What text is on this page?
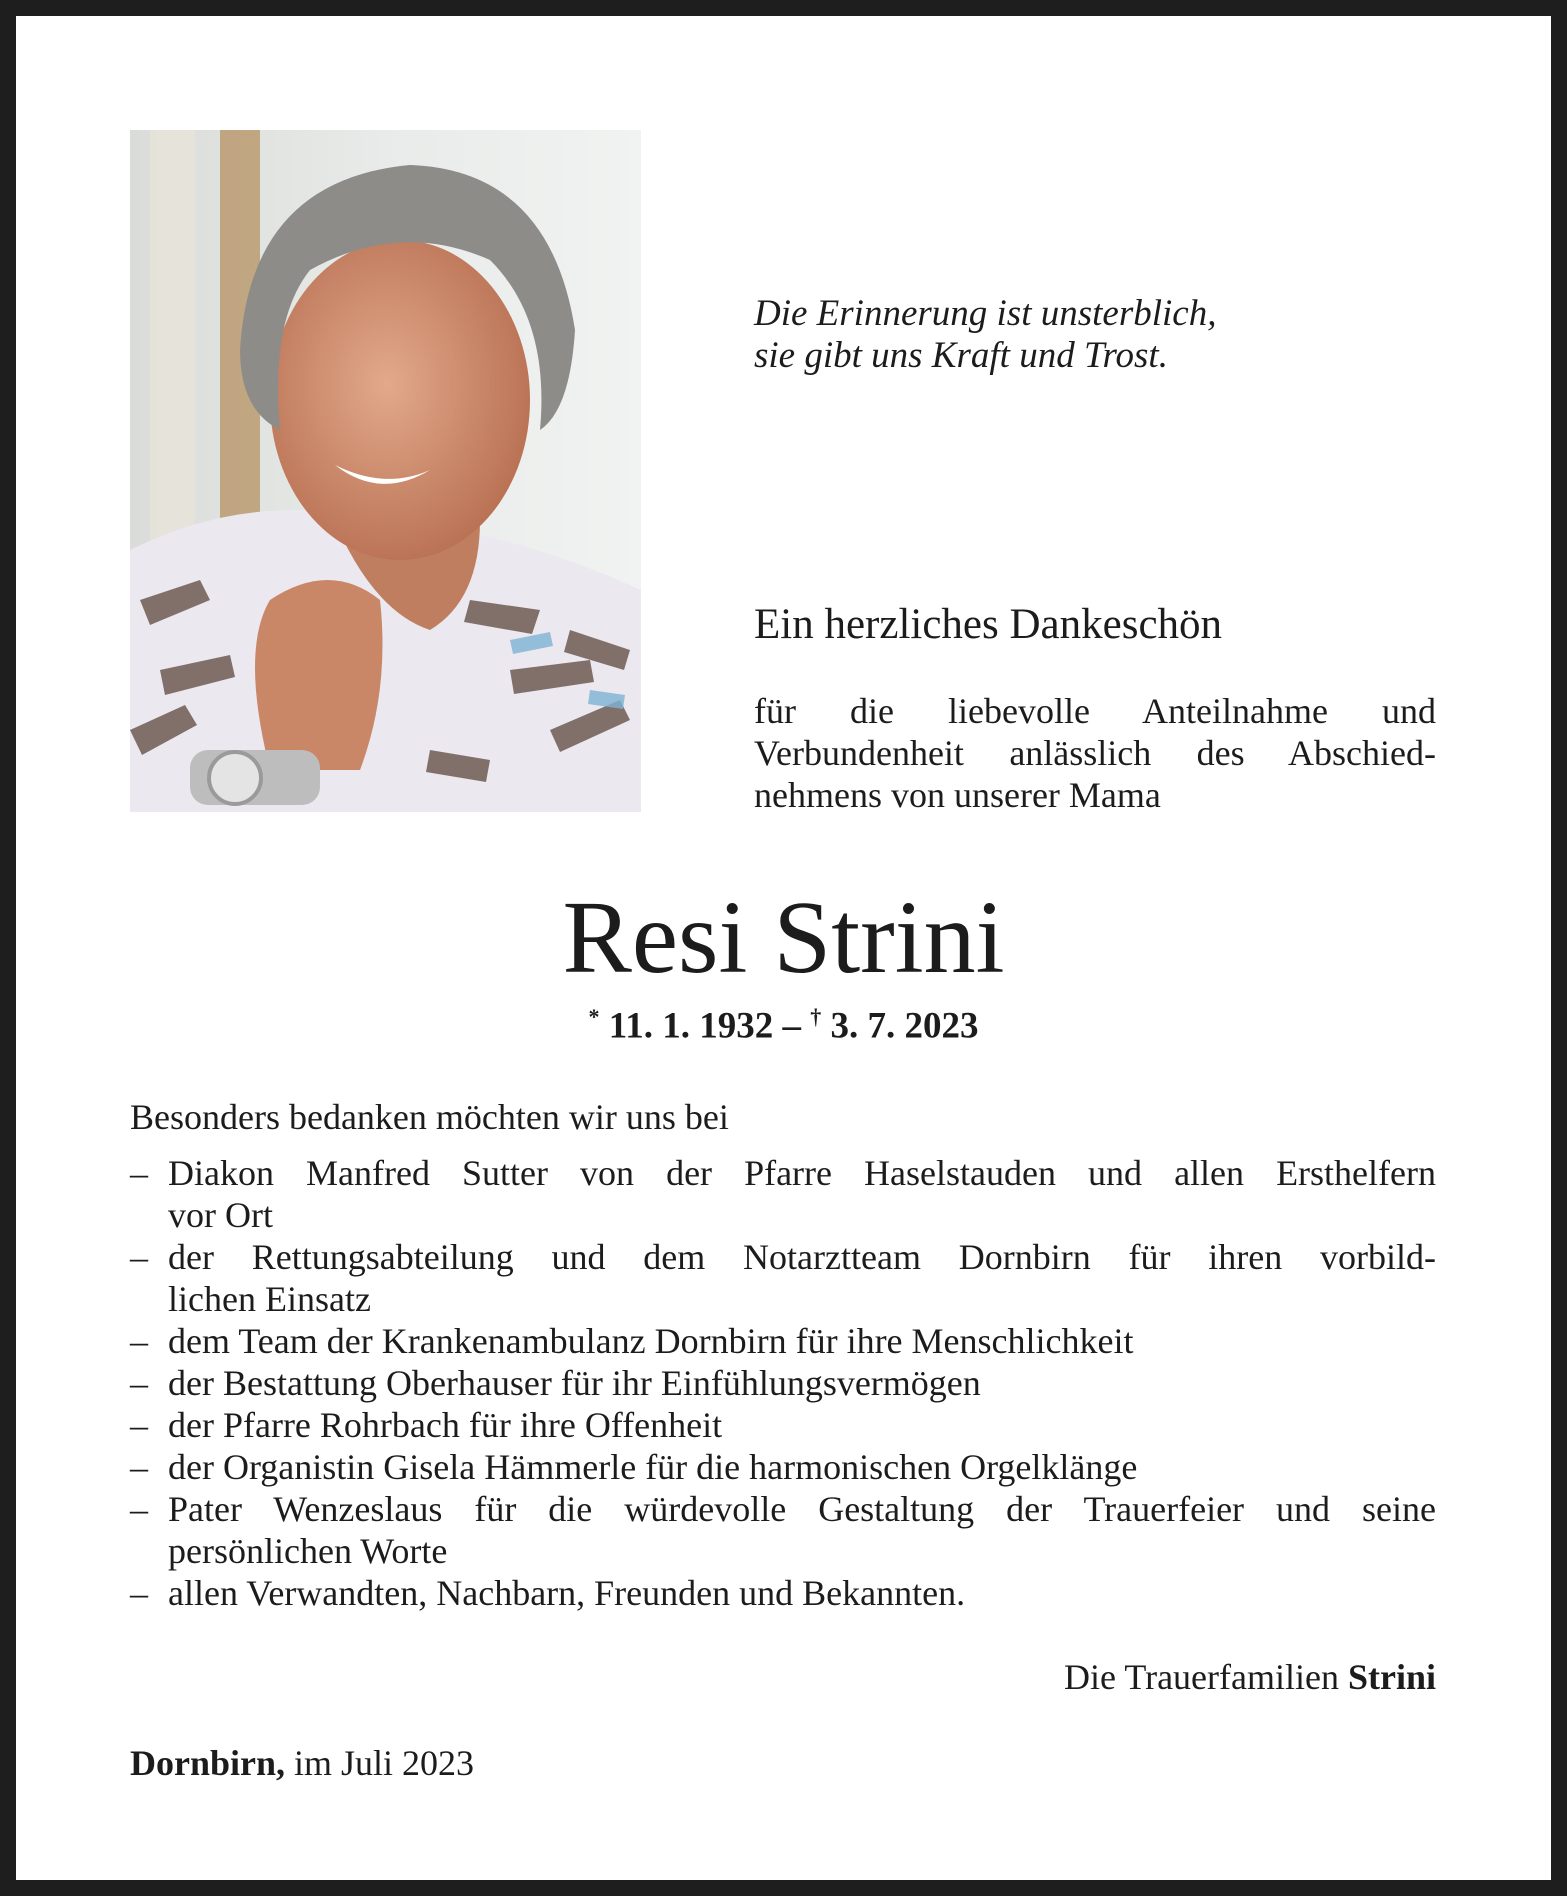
Die Erinnerung ist unsterblich,
sie gibt uns Kraft und Trost.
Ein herzliches Dankeschön
für die liebevolle Anteilnahme und
Verbundenheit anlässlich des Abschied-
nehmens von unserer Mama
Resi Strini
* 11. 1. 1932 – † 3. 7. 2023
Besonders bedanken möchten wir uns bei
– Diakon Manfred Sutter von der Pfarre Haselstauden und allen Ersthelfern
vor Ort
– der Rettungsabteilung und dem Notarztteam Dornbirn für ihren vorbild-
lichen Einsatz
– dem Team der Krankenambulanz Dornbirn für ihre Menschlichkeit
– der Bestattung Oberhauser für ihr Einfühlungsvermögen
– der Pfarre Rohrbach für ihre Offenheit
– der Organistin Gisela Hämmerle für die harmonischen Orgelklänge
– Pater Wenzeslaus für die würdevolle Gestaltung der Trauerfeier und seine
persönlichen Worte
– allen Verwandten, Nachbarn, Freunden und Bekannten.
Die Trauerfamilien Strini
Dornbirn, im Juli 2023
